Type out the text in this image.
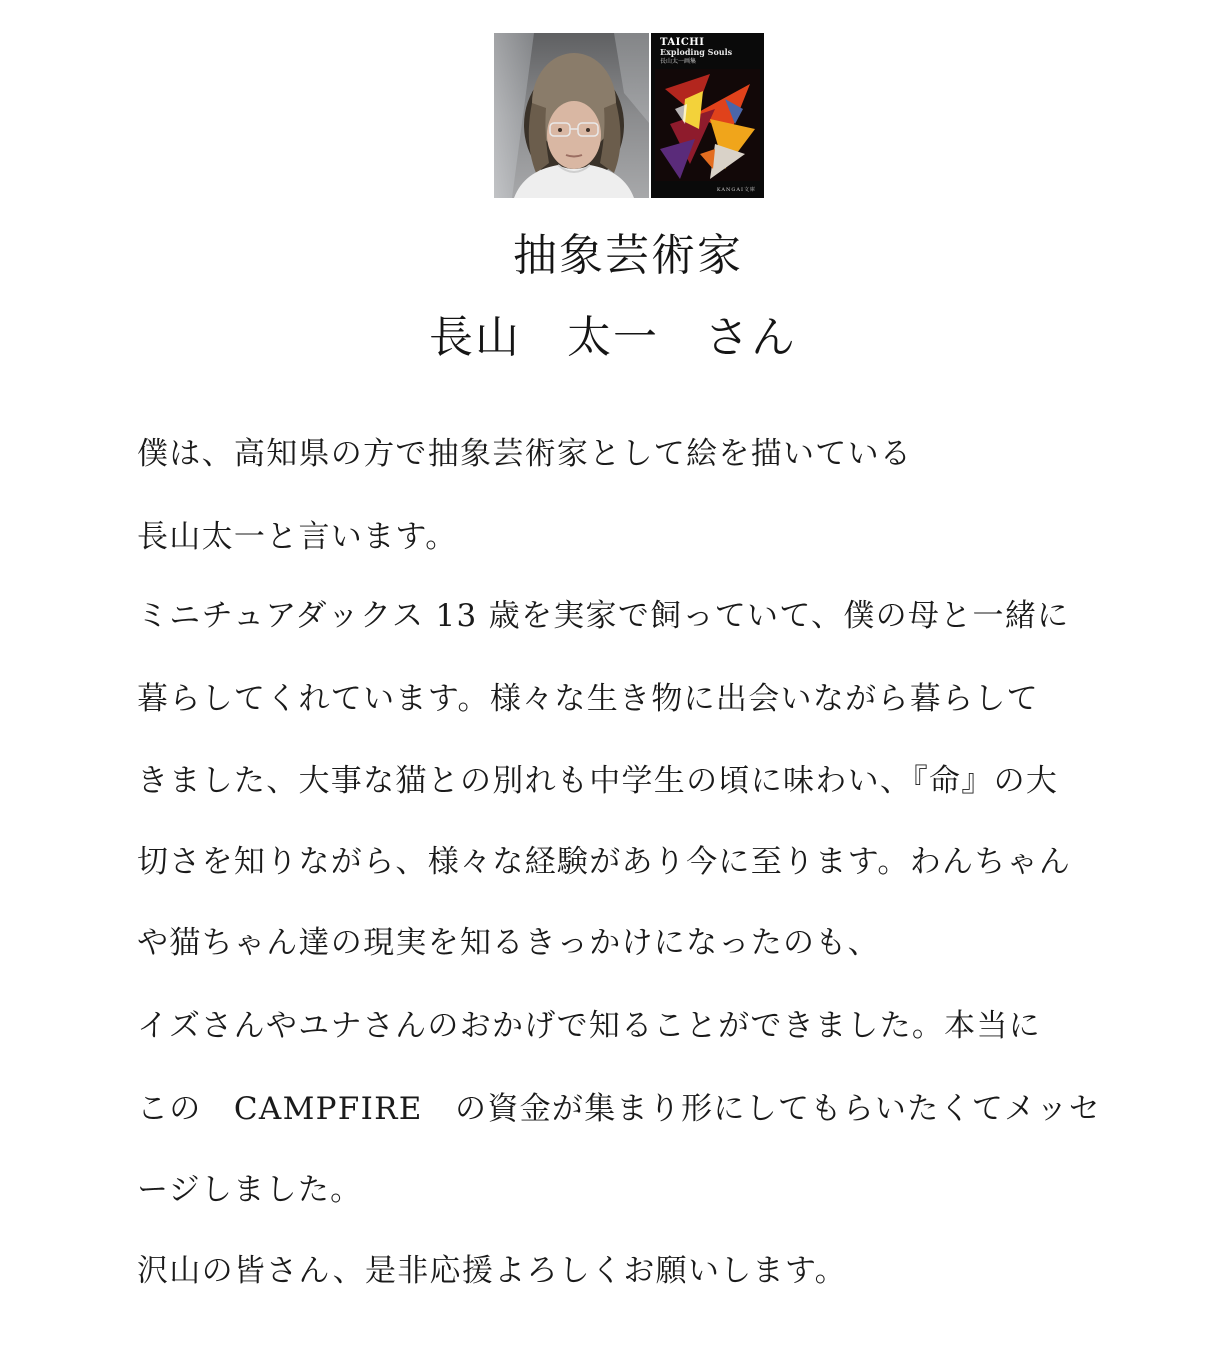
TAICHI
Exploding Souls
長山太一画集
KANGAI文庫
抽象芸術家
長山　太一　さん
僕は、高知県の方で抽象芸術家として絵を描いている
長山太一と言います。
ミニチュアダックス 13 歳を実家で飼っていて、僕の母と一緒に
暮らしてくれています。様々な生き物に出会いながら暮らして
きました、大事な猫との別れも中学生の頃に味わい、『命』の大
切さを知りながら、様々な経験があり今に至ります。わんちゃん
や猫ちゃん達の現実を知るきっかけになったのも、
イズさんやユナさんのおかげで知ることができました。本当に
この　CAMPFIRE　の資金が集まり形にしてもらいたくてメッセ
ージしました。
沢山の皆さん、是非応援よろしくお願いします。
